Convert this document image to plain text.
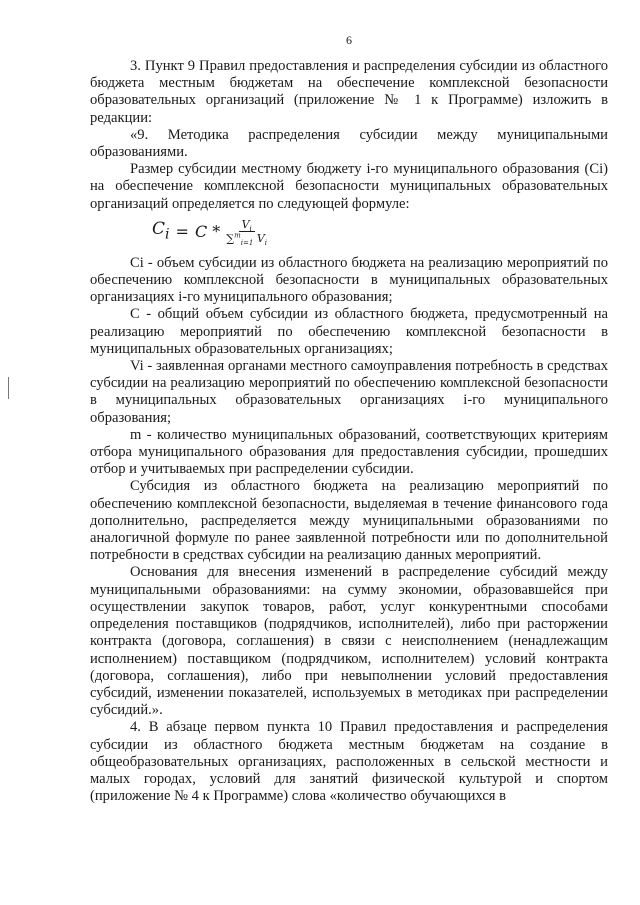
6

3. Пункт 9 Правил предоставления и распределения субсидии из областного бюджета местным бюджетам на обеспечение комплексной безопасности образовательных организаций (приложение № 1 к Программе) изложить в редакции:

«9. Методика распределения субсидии между муниципальными образованиями.

Размер субсидии местному бюджету i-го муниципального образования (Ci) на обеспечение комплексной безопасности муниципальных образовательных организаций определяется по следующей формуле:

$C_i = C * \frac{V_i}{\sum^m_{i=1} V_i}$

Ci - объем субсидии из областного бюджета на реализацию мероприятий по обеспечению комплексной безопасности в муниципальных образовательных организациях i-го муниципального образования;

С - общий объем субсидии из областного бюджета, предусмотренный на реализацию мероприятий по обеспечению комплексной безопасности в муниципальных образовательных организациях;

Vi - заявленная органами местного самоуправления потребность в средствах субсидии на реализацию мероприятий по обеспечению комплексной безопасности в муниципальных образовательных организациях i-го муниципального образования;

m - количество муниципальных образований, соответствующих критериям отбора муниципального образования для предоставления субсидии, прошедших отбор и учитываемых при распределении субсидии.

Субсидия из областного бюджета на реализацию мероприятий по обеспечению комплексной безопасности, выделяемая в течение финансового года дополнительно, распределяется между муниципальными образованиями по аналогичной формуле по ранее заявленной потребности или по дополнительной потребности в средствах субсидии на реализацию данных мероприятий.

Основания для внесения изменений в распределение субсидий между муниципальными образованиями: на сумму экономии, образовавшейся при осуществлении закупок товаров, работ, услуг конкурентными способами определения поставщиков (подрядчиков, исполнителей), либо при расторжении контракта (договора, соглашения) в связи с неисполнением (ненадлежащим исполнением) поставщиком (подрядчиком, исполнителем) условий контракта (договора, соглашения), либо при невыполнении условий предоставления субсидий, изменении показателей, используемых в методиках при распределении субсидий.».

4. В абзаце первом пункта 10 Правил предоставления и распределения субсидии из областного бюджета местным бюджетам на создание в общеобразовательных организациях, расположенных в сельской местности и малых городах, условий для занятий физической культурой и спортом (приложение № 4 к Программе) слова «количество обучающихся в
